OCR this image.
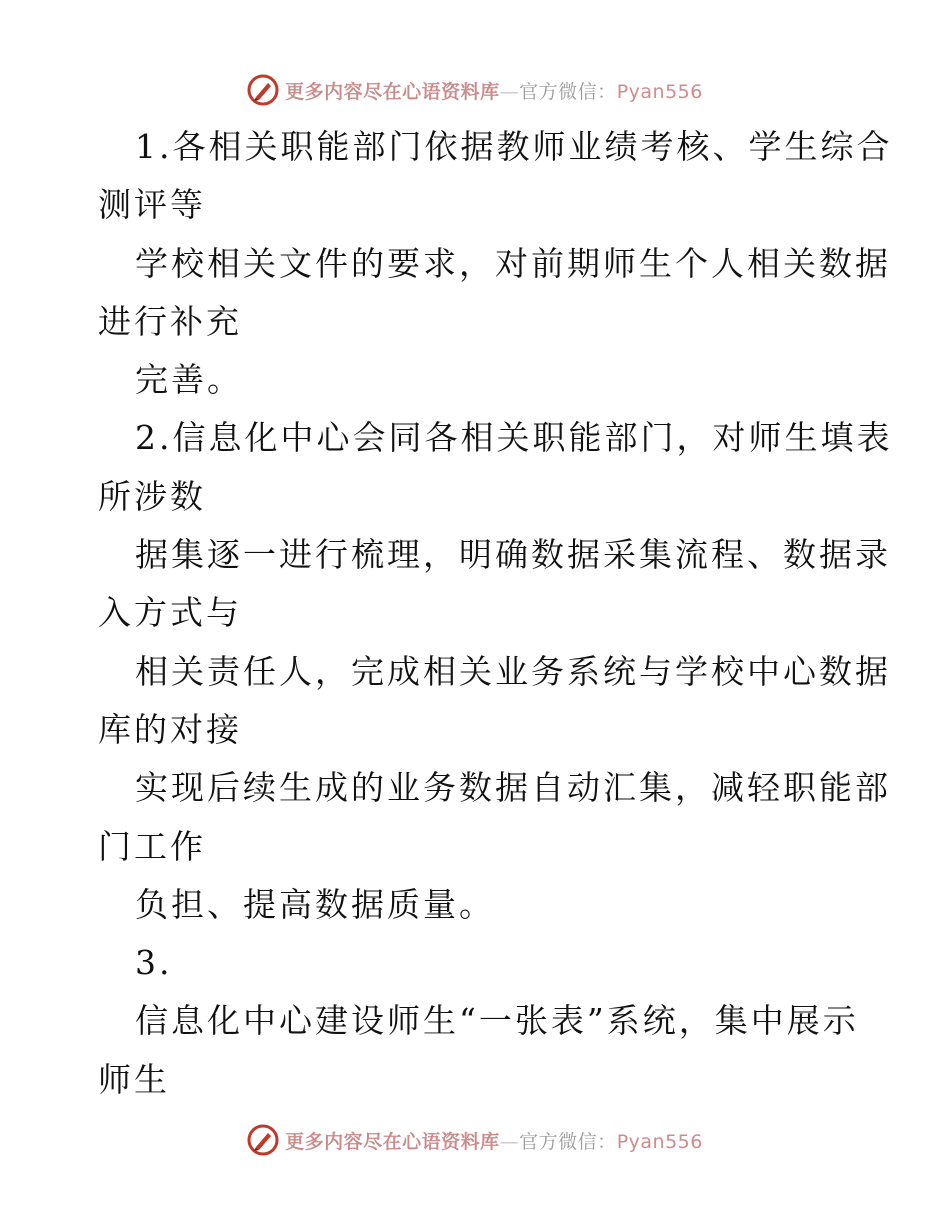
更多内容尽在心语资料库—官方微信：Pyan556
1.各相关职能部门依据教师业绩考核、学生综合
测评等
学校相关文件的要求，对前期师生个人相关数据
进行补充
完善。
2.信息化中心会同各相关职能部门，对师生填表
所涉数
据集逐一进行梳理，明确数据采集流程、数据录
入方式与
相关责任人，完成相关业务系统与学校中心数据
库的对接
实现后续生成的业务数据自动汇集，减轻职能部
门工作
负担、提高数据质量。
3.
信息化中心建设师生“一张表”系统，集中展示
师生
更多内容尽在心语资料库—官方微信：Pyan556
